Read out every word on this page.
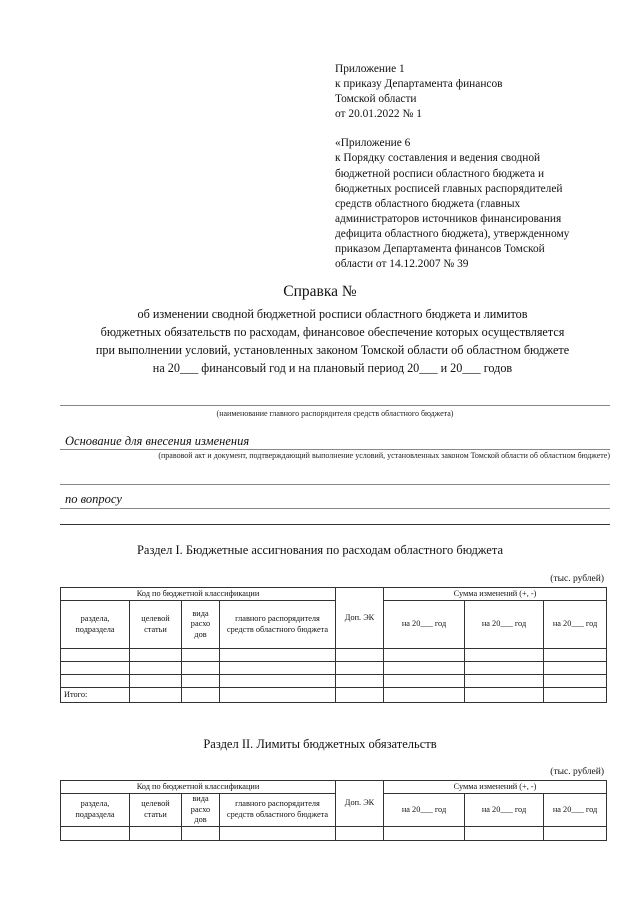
Приложение 1
к приказу Департамента финансов
Томской области
от 20.01.2022 № 1
«Приложение 6
к Порядку составления и ведения сводной
бюджетной росписи областного бюджета и
бюджетных росписей главных распорядителей
средств областного бюджета (главных
администраторов источников финансирования
дефицита областного бюджета), утвержденному
приказом Департамента финансов Томской
области от 14.12.2007 № 39
Справка №
об изменении сводной бюджетной росписи областного бюджета и лимитов
бюджетных обязательств по расходам, финансовое обеспечение которых осуществляется
при выполнении условий, установленных законом Томской области об областном бюджете
на 20___ финансовый год и на плановый период 20___ и 20___ годов
(наименование главного распорядителя средств областного бюджета)
Основание для внесения изменения
(правовой акт и документ, подтверждающий выполнение условий, установленных законом Томской области об областном бюджете)
по вопросу
Раздел I. Бюджетные ассигнования по расходам областного бюджета
(тыс. рублей)
Код по бюджетной классификации				Доп. ЭК	Сумма изменений (+, -)		
раздела, подраздела	целевой статьи	вида расхо дов	главного распорядителя средств областного бюджета		на 20___ год	на 20___ год	на 20___ год

Итого:							
Раздел II. Лимиты бюджетных обязательств
(тыс. рублей)
Код по бюджетной классификации				Доп. ЭК	Сумма изменений (+, -)		
раздела, подраздела	целевой статьи	вида расхо дов	главного распорядителя средств областного бюджета		на 20___ год	на 20___ год	на 20___ год
